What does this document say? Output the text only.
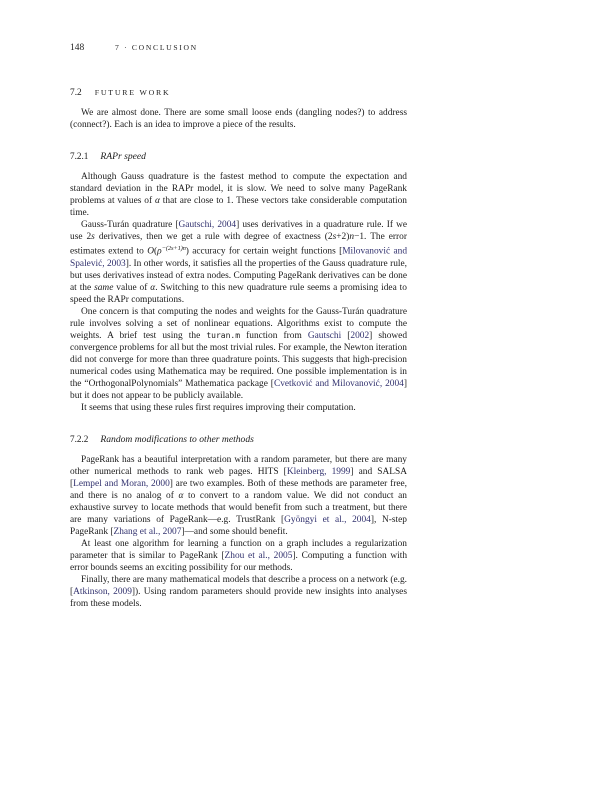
148	7 · CONCLUSION
7.2 FUTURE WORK

We are almost done. There are some small loose ends (dangling nodes?) to address (connect?). Each is an idea to improve a piece of the results.

7.2.1 RAPr speed

Although Gauss quadrature is the fastest method to compute the expectation and standard deviation in the RAPr model, it is slow. We need to solve many PageRank problems at values of α that are close to 1. These vectors take considerable computation time.

Gauss-Turán quadrature [Gautschi, 2004] uses derivatives in a quadrature rule. If we use 2s derivatives, then we get a rule with degree of exactness (2s+2)n−1. The error estimates extend to $O(\rho^{-(2s+1)n})$ accuracy for certain weight functions [Milovanović and Spalević, 2003]. In other words, it satisfies all the properties of the Gauss quadrature rule, but uses derivatives instead of extra nodes. Computing PageRank derivatives can be done at the same value of α. Switching to this new quadrature rule seems a promising idea to speed the RAPr computations.

One concern is that computing the nodes and weights for the Gauss-Turán quadrature rule involves solving a set of nonlinear equations. Algorithms exist to compute the weights. A brief test using the turan.m function from Gautschi [2002] showed convergence problems for all but the most trivial rules. For example, the Newton iteration did not converge for more than three quadrature points. This suggests that high-precision numerical codes using Mathematica may be required. One possible implementation is in the “OrthogonalPolynomials” Mathematica package [Cvetković and Milovanović, 2004] but it does not appear to be publicly available.

It seems that using these rules first requires improving their computation.

7.2.2 Random modifications to other methods

PageRank has a beautiful interpretation with a random parameter, but there are many other numerical methods to rank web pages. HITS [Kleinberg, 1999] and SALSA [Lempel and Moran, 2000] are two examples. Both of these methods are parameter free, and there is no analog of α to convert to a random value. We did not conduct an exhaustive survey to locate methods that would benefit from such a treatment, but there are many variations of PageRank—e.g. TrustRank [Gyöngyi et al., 2004], N-step PageRank [Zhang et al., 2007]—and some should benefit.

At least one algorithm for learning a function on a graph includes a regularization parameter that is similar to PageRank [Zhou et al., 2005]. Computing a function with error bounds seems an exciting possibility for our methods.

Finally, there are many mathematical models that describe a process on a network (e.g. [Atkinson, 2009]). Using random parameters should provide new insights into analyses from these models.
